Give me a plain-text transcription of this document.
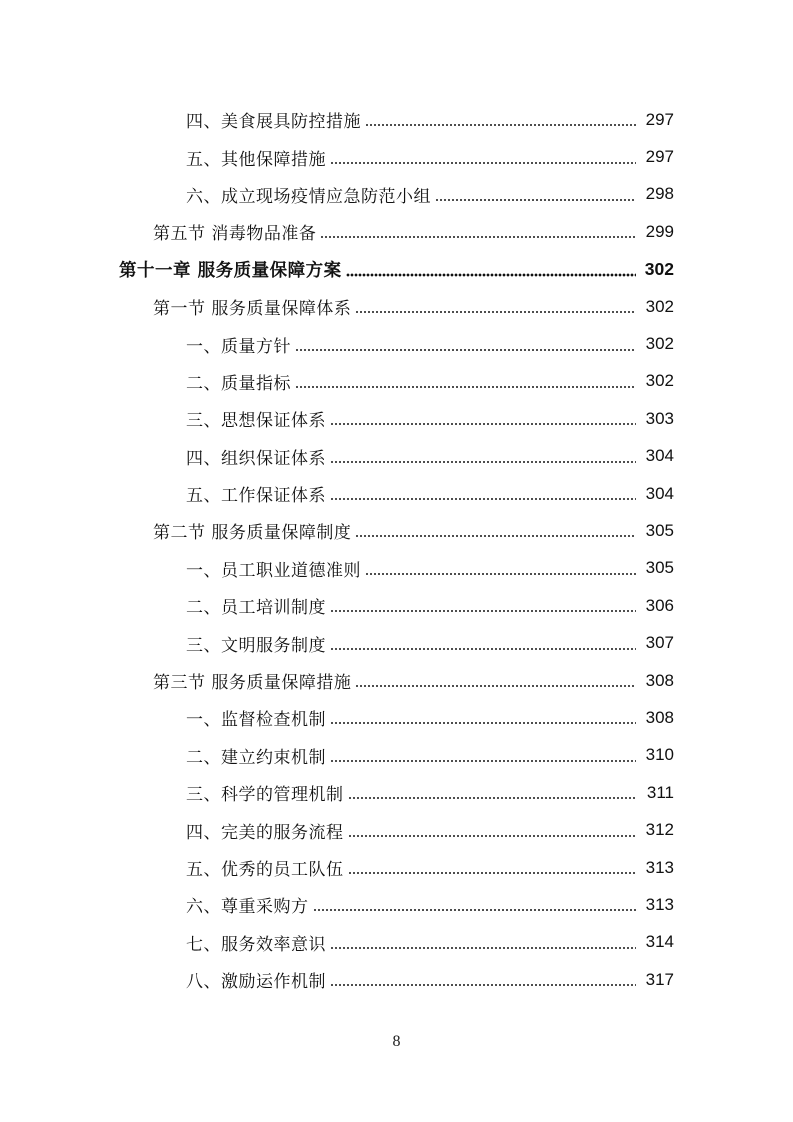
四、美食展具防控措施	297
五、其他保障措施	297
六、成立现场疫情应急防范小组	298
第五节 消毒物品准备	299
第十一章 服务质量保障方案	302
第一节 服务质量保障体系	302
一、质量方针	302
二、质量指标	302
三、思想保证体系	303
四、组织保证体系	304
五、工作保证体系	304
第二节 服务质量保障制度	305
一、员工职业道德准则	305
二、员工培训制度	306
三、文明服务制度	307
第三节 服务质量保障措施	308
一、监督检查机制	308
二、建立约束机制	310
三、科学的管理机制	311
四、完美的服务流程	312
五、优秀的员工队伍	313
六、尊重采购方	313
七、服务效率意识	314
八、激励运作机制	317
8
